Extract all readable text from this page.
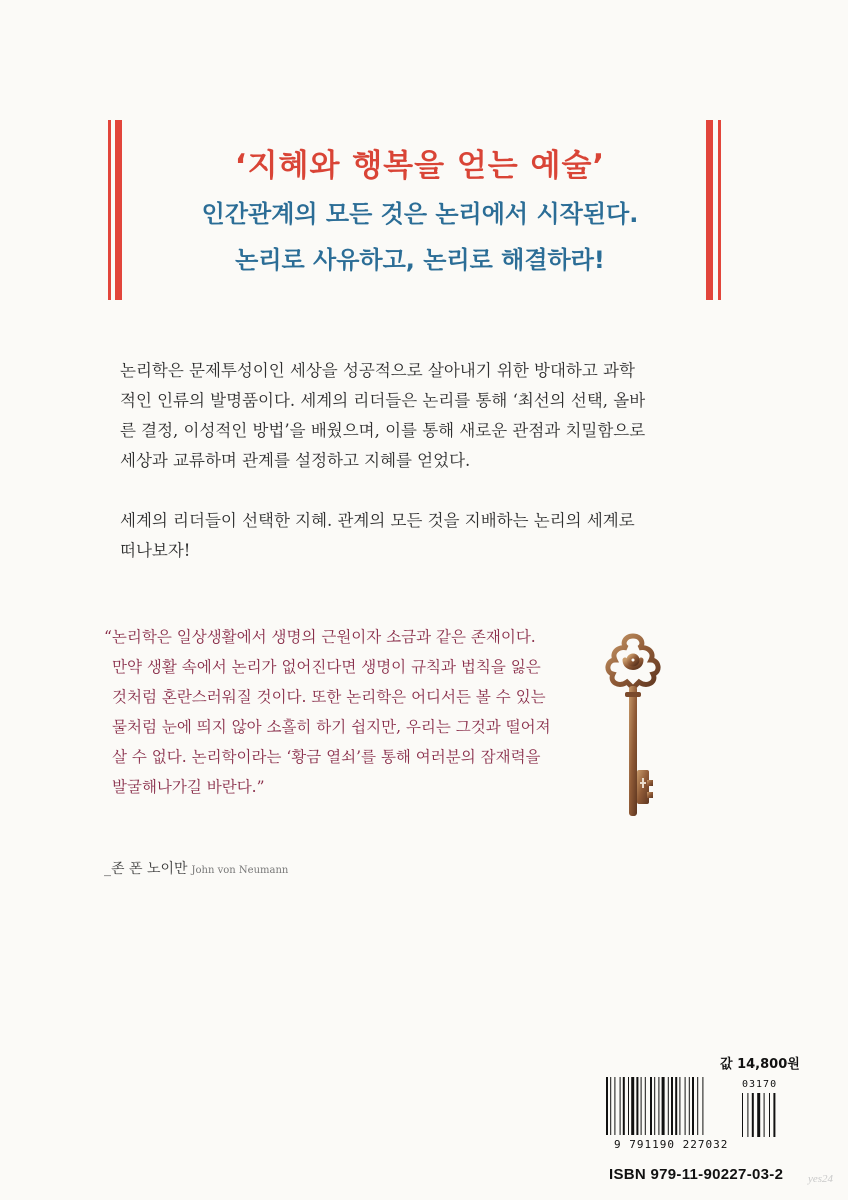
‘지혜와 행복을 얻는 예술’
인간관계의 모든 것은 논리에서 시작된다.
논리로 사유하고, 논리로 해결하라!
논리학은 문제투성이인 세상을 성공적으로 살아내기 위한 방대하고 과학
적인 인류의 발명품이다. 세계의 리더들은 논리를 통해 ‘최선의 선택, 올바
른 결정, 이성적인 방법’을 배웠으며, 이를 통해 새로운 관점과 치밀함으로
세상과 교류하며 관계를 설정하고 지혜를 얻었다.
세계의 리더들이 선택한 지혜. 관계의 모든 것을 지배하는 논리의 세계로
떠나보자!
“논리학은 일상생활에서 생명의 근원이자 소금과 같은 존재이다.
만약 생활 속에서 논리가 없어진다면 생명이 규칙과 법칙을 잃은
것처럼 혼란스러워질 것이다. 또한 논리학은 어디서든 볼 수 있는
물처럼 눈에 띄지 않아 소홀히 하기 쉽지만, 우리는 그것과 떨어져
살 수 없다. 논리학이라는 ‘황금 열쇠’를 통해 여러분의 잠재력을
발굴해나가길 바란다.”
_존 폰 노이만 John von Neumann
값 14,800원
9 791190 227032
03170
ISBN 979-11-90227-03-2 yes24
